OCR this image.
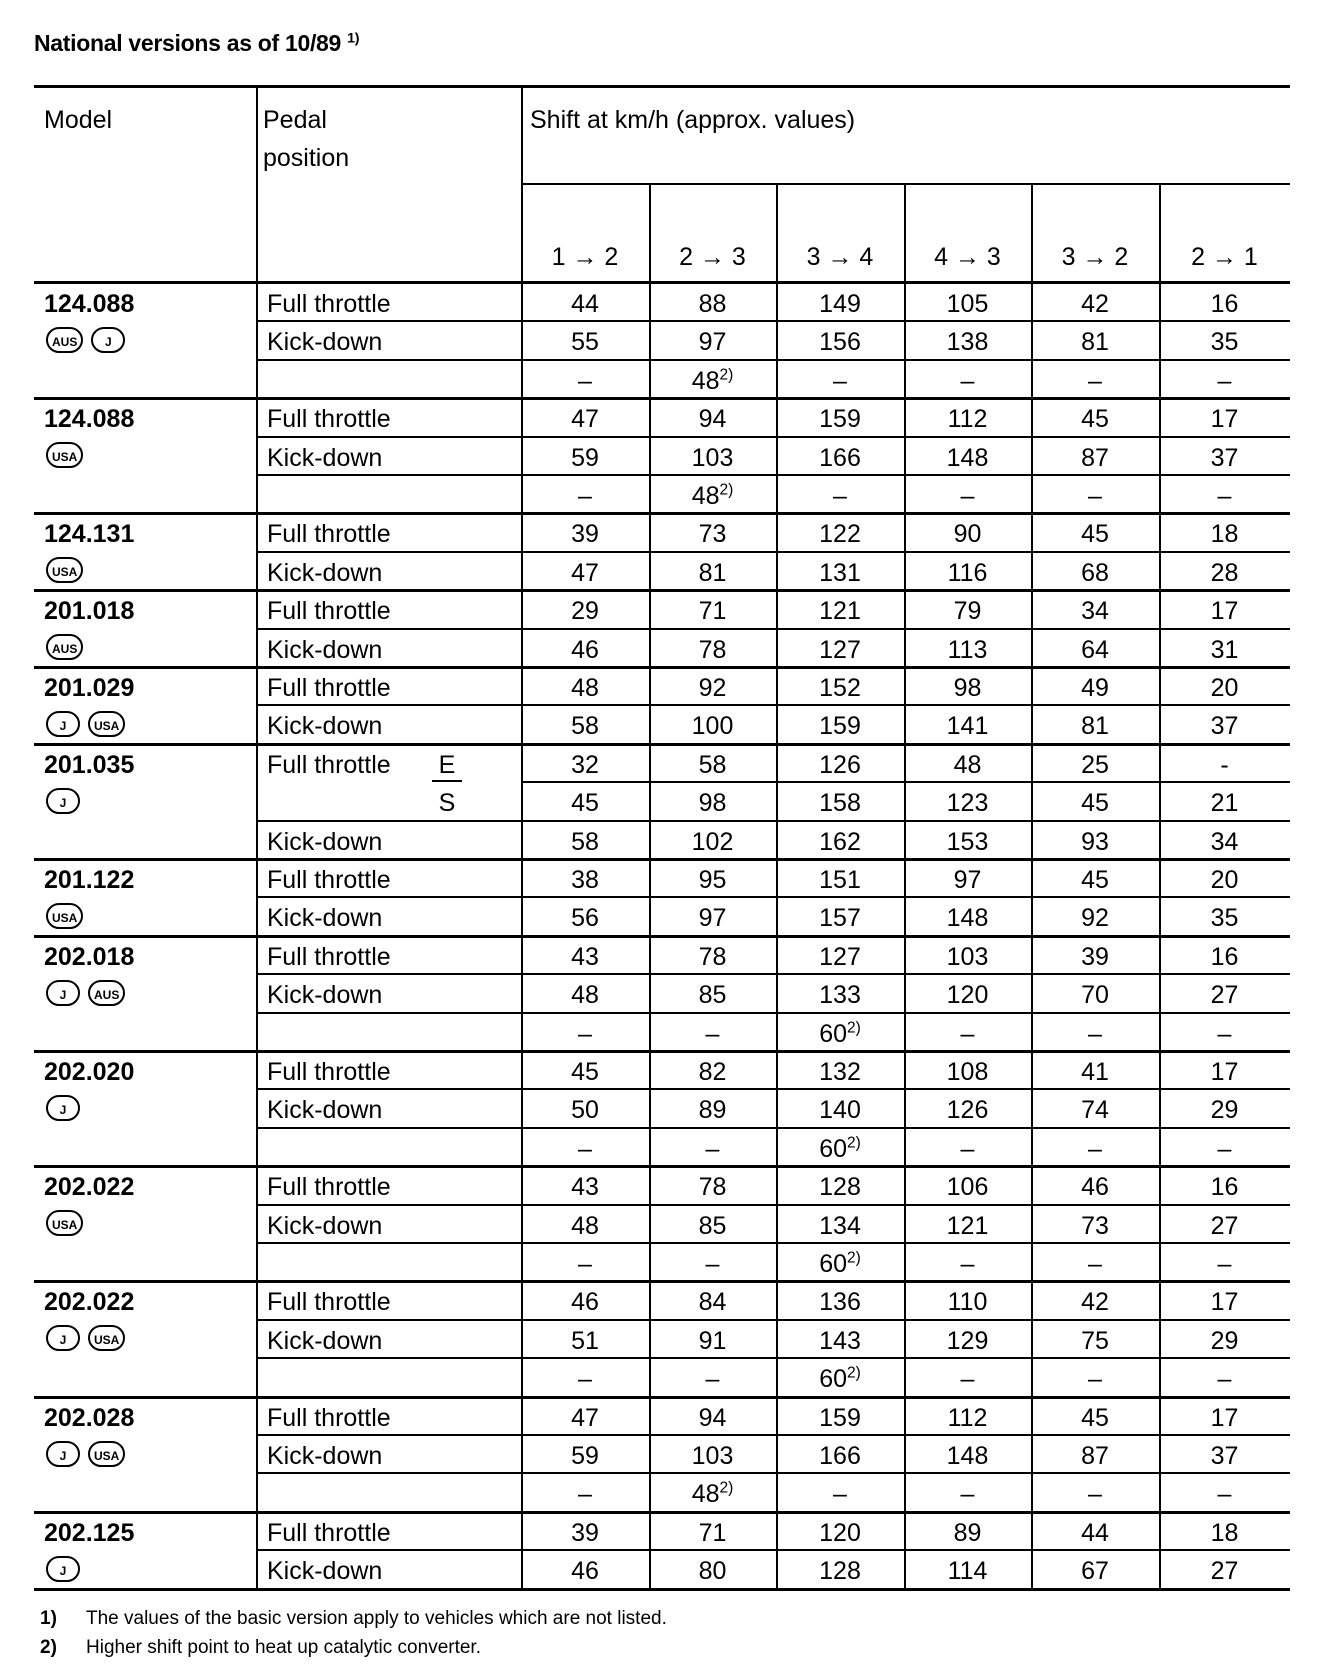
National versions as of 10/89 $^{1)}$
Model	Pedal
position
Shift at km/h (approx. values)
1 → 2	2 → 3	3 → 4	4 → 3	3 → 2	2 → 1
124.088
AUS J
Full throttle	44	88	149	105	42	16
Kick-down	55	97	156	138	81	35
–	48$^{2)}$	–	–	–	–
124.088
USA
Full throttle	47	94	159	112	45	17
Kick-down	59	103	166	148	87	37
–	48$^{2)}$	–	–	–	–
124.131
USA
Full throttle	39	73	122	90	45	18
Kick-down	47	81	131	116	68	28
201.018
AUS
Full throttle	29	71	121	79	34	17
Kick-down	46	78	127	113	64	31
201.029
J USA
Full throttle	48	92	152	98	49	20
Kick-down	58	100	159	141	81	37
201.035
J
Full throttle E	32	58	126	48	25	-
S	45	98	158	123	45	21
Kick-down	58	102	162	153	93	34
201.122
USA
Full throttle	38	95	151	97	45	20
Kick-down	56	97	157	148	92	35
202.018
J AUS
Full throttle	43	78	127	103	39	16
Kick-down	48	85	133	120	70	27
–	–	60$^{2)}$	–	–	–
202.020
J
Full throttle	45	82	132	108	41	17
Kick-down	50	89	140	126	74	29
–	–	60$^{2)}$	–	–	–
202.022
USA
Full throttle	43	78	128	106	46	16
Kick-down	48	85	134	121	73	27
–	–	60$^{2)}$	–	–	–
202.022
J USA
Full throttle	46	84	136	110	42	17
Kick-down	51	91	143	129	75	29
–	–	60$^{2)}$	–	–	–
202.028
J USA
Full throttle	47	94	159	112	45	17
Kick-down	59	103	166	148	87	37
–	48$^{2)}$	–	–	–	–
202.125
J
Full throttle	39	71	120	89	44	18
Kick-down	46	80	128	114	67	27
1) The values of the basic version apply to vehicles which are not listed.
2) Higher shift point to heat up catalytic converter.
